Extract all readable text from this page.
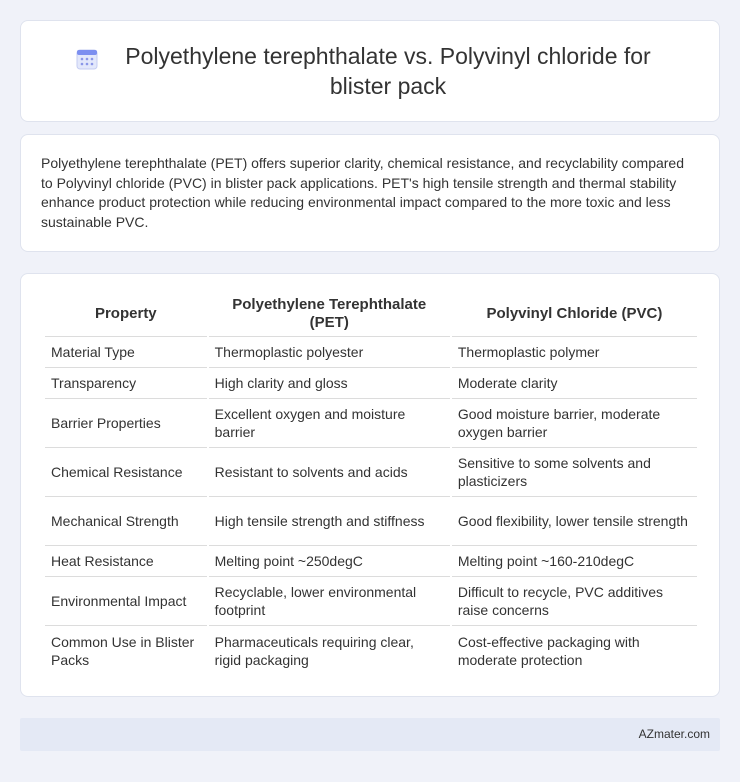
Polyethylene terephthalate vs. Polyvinyl chloride for blister pack

Polyethylene terephthalate (PET) offers superior clarity, chemical resistance, and recyclability compared to Polyvinyl chloride (PVC) in blister pack applications. PET's high tensile strength and thermal stability enhance product protection while reducing environmental impact compared to the more toxic and less sustainable PVC.

Property	Polyethylene Terephthalate (PET)	Polyvinyl Chloride (PVC)
Material Type	Thermoplastic polyester	Thermoplastic polymer
Transparency	High clarity and gloss	Moderate clarity
Barrier Properties	Excellent oxygen and moisture barrier	Good moisture barrier, moderate oxygen barrier
Chemical Resistance	Resistant to solvents and acids	Sensitive to some solvents and plasticizers
Mechanical Strength	High tensile strength and stiffness	Good flexibility, lower tensile strength
Heat Resistance	Melting point ~250degC	Melting point ~160-210degC
Environmental Impact	Recyclable, lower environmental footprint	Difficult to recycle, PVC additives raise concerns
Common Use in Blister Packs	Pharmaceuticals requiring clear, rigid packaging	Cost-effective packaging with moderate protection
AZmater.com
